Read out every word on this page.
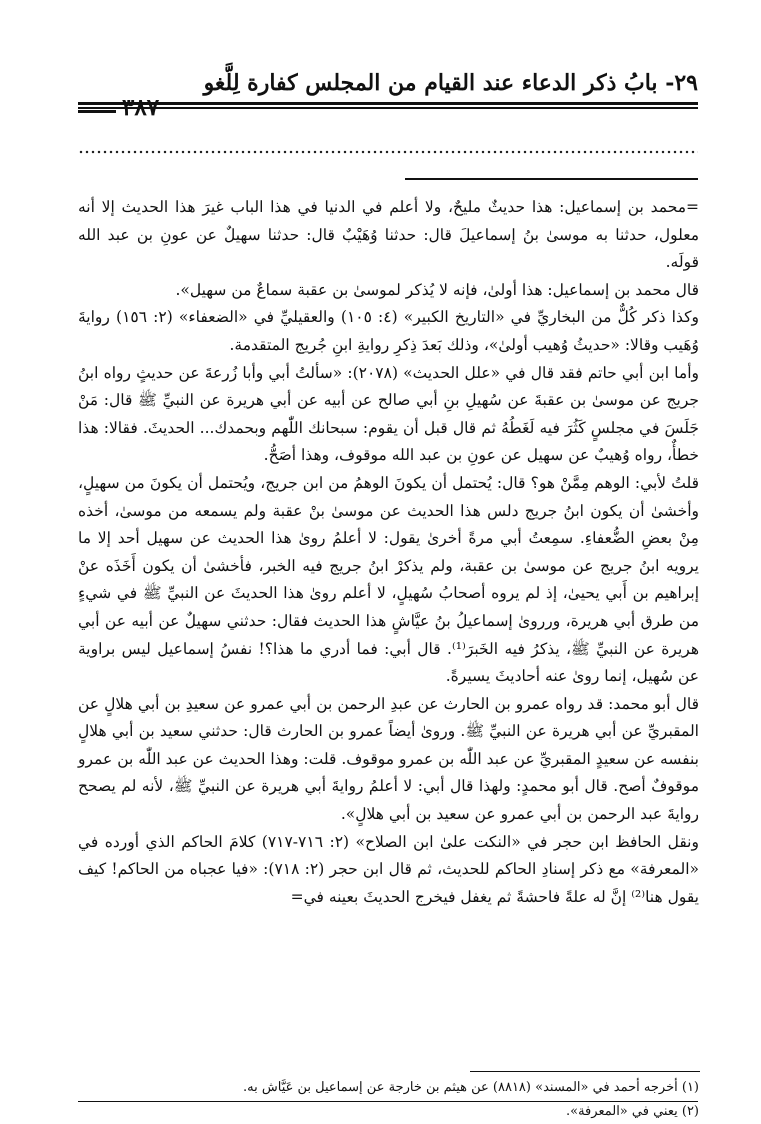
٢٩- بابُ ذكر الدعاء عند القيام من المجلس كفارة لِلَّغو

=محمد بن إسماعيل: هذا حديثٌ مليحٌ، ولا أعلم في الدنيا في هذا الباب غيرَ هذا الحديث إلا أنه معلول، حدثنا به موسىٰ بنُ إسماعيلَ قال: حدثنا وُهَيْبٌ قال: حدثنا سهيلٌ عن عونِ بن عبد الله قولَه.

قال محمد بن إسماعيل: هذا أولىٰ، فإنه لا يُذكر لموسىٰ بن عقبة سماعٌ من سهيل».

وكذا ذكر كُلٌّ من البخاريِّ في «التاريخ الكبير» (٤: ١٠٥) والعقيليِّ في «الضعفاء» (٢: ١٥٦) روايةَ وُهَيب وقالا: «حديثُ وُهيب أولىٰ»، وذلك بَعدَ ذِكرِ روايةِ ابنِ جُريج المتقدمة.

وأما ابن أبي حاتم فقد قال في «علل الحديث» (٢٠٧٨): «سألتُ أبي وأبا زُرعةَ عن حديثٍ رواه ابنُ جريج عن موسىٰ بن عقبةَ عن سُهيلِ بنِ أبي صالح عن أبيه عن أبي هريرة عن النبيِّ ﷺ قال: مَنْ جَلَسَ في مجلسٍ كَثُرَ فيه لَغَطُهُ ثم قال قبل أن يقوم: سبحانك اللّٰهم وبحمدك... الحديثَ. فقالا: هذا خطأٌ، رواه وُهيبٌ عن سهيل عن عونِ بن عبد الله موقوف، وهذا أصَحُّ.

قلتُ لأبي: الوهم مِمَّنْ هو؟ قال: يُحتمل أن يكونَ الوهمُ من ابن جريج، ويُحتمل أن يكونَ من سهيلٍ، وأخشىٰ أن يكون ابنُ جريج دلس هذا الحديث عن موسىٰ بنْ عقبة ولم يسمعه من موسىٰ، أخذه مِنْ بعضِ الضُّعفاءِ. سمِعتُ أبي مرةً أخرىٰ يقول: لا أعلمُ روىٰ هذا الحديث عن سهيل أحد إلا ما يرويه ابنُ جريج عن موسىٰ بن عقبة، ولم يذكرْ ابنُ جريج فيه الخبر، فأخشىٰ أن يكون أَخَذَه عنْ إبراهيم بن أَبي يحيىٰ، إذ لم يروه أصحابُ سُهيلٍ، لا أعلم روىٰ هذا الحديثَ عن النبيِّ ﷺ في شيءٍ من طرق أبي هريرة، ورروىٰ إسماعيلُ بنُ عيَّاشٍ هذا الحديث فقال: حدثني سهيلٌ عن أبيه عن أبي هريرة عن النبيِّ ﷺ، يذكرُ فيه الخَبرَ⁽¹⁾. قال أبي: فما أدري ما هذا؟! نفسُ إسماعيل ليس براوية عن سُهيل، إنما روىٰ عنه أحاديثَ يسيرةً.

قال أبو محمد: قد رواه عمرو بن الحارث عن عبدِ الرحمن بن أبي عمرو عن سعيدِ بن أبي هلالٍ عن المقبريِّ عن أبي هريرة عن النبيِّ ﷺ. وروىٰ أيضاً عمرو بن الحارث قال: حدثني سعيد بن أبي هلالٍ بنفسه عن سعيدٍ المقبريِّ عن عبد اللّٰه بن عمرو موقوف. قلت: وهذا الحديث عن عبد اللّٰه بن عمرو موقوفٌ أصح. قال أبو محمدٍ: ولهذا قال أبي: لا أعلمُ روايةَ أبي هريرة عن النبيِّ ﷺ، لأنه لم يصحح روايةَ عبد الرحمن بن أبي عمرو عن سعيد بن أبي هلالٍ».

ونقل الحافظ ابن حجر في «النكت علىٰ ابن الصلاح» (٢: ٧١٦-٧١٧) كلامَ الحاكم الذي أورده في «المعرفة» مع ذكر إسنادِ الحاكم للحديث، ثم قال ابن حجر (٢: ٧١٨): «فيا عجباه من الحاكم! كيف يقول هنا⁽²⁾ إنَّ له علةً فاحشةً ثم يغفل فيخرج الحديثَ بعينه في=

(١) أخرجه أحمد في «المسند» (٨٨١٨) عن هيثم بن خارجة عن إسماعيل بن عَيَّاش به.

(٢) يعني في «المعرفة».
